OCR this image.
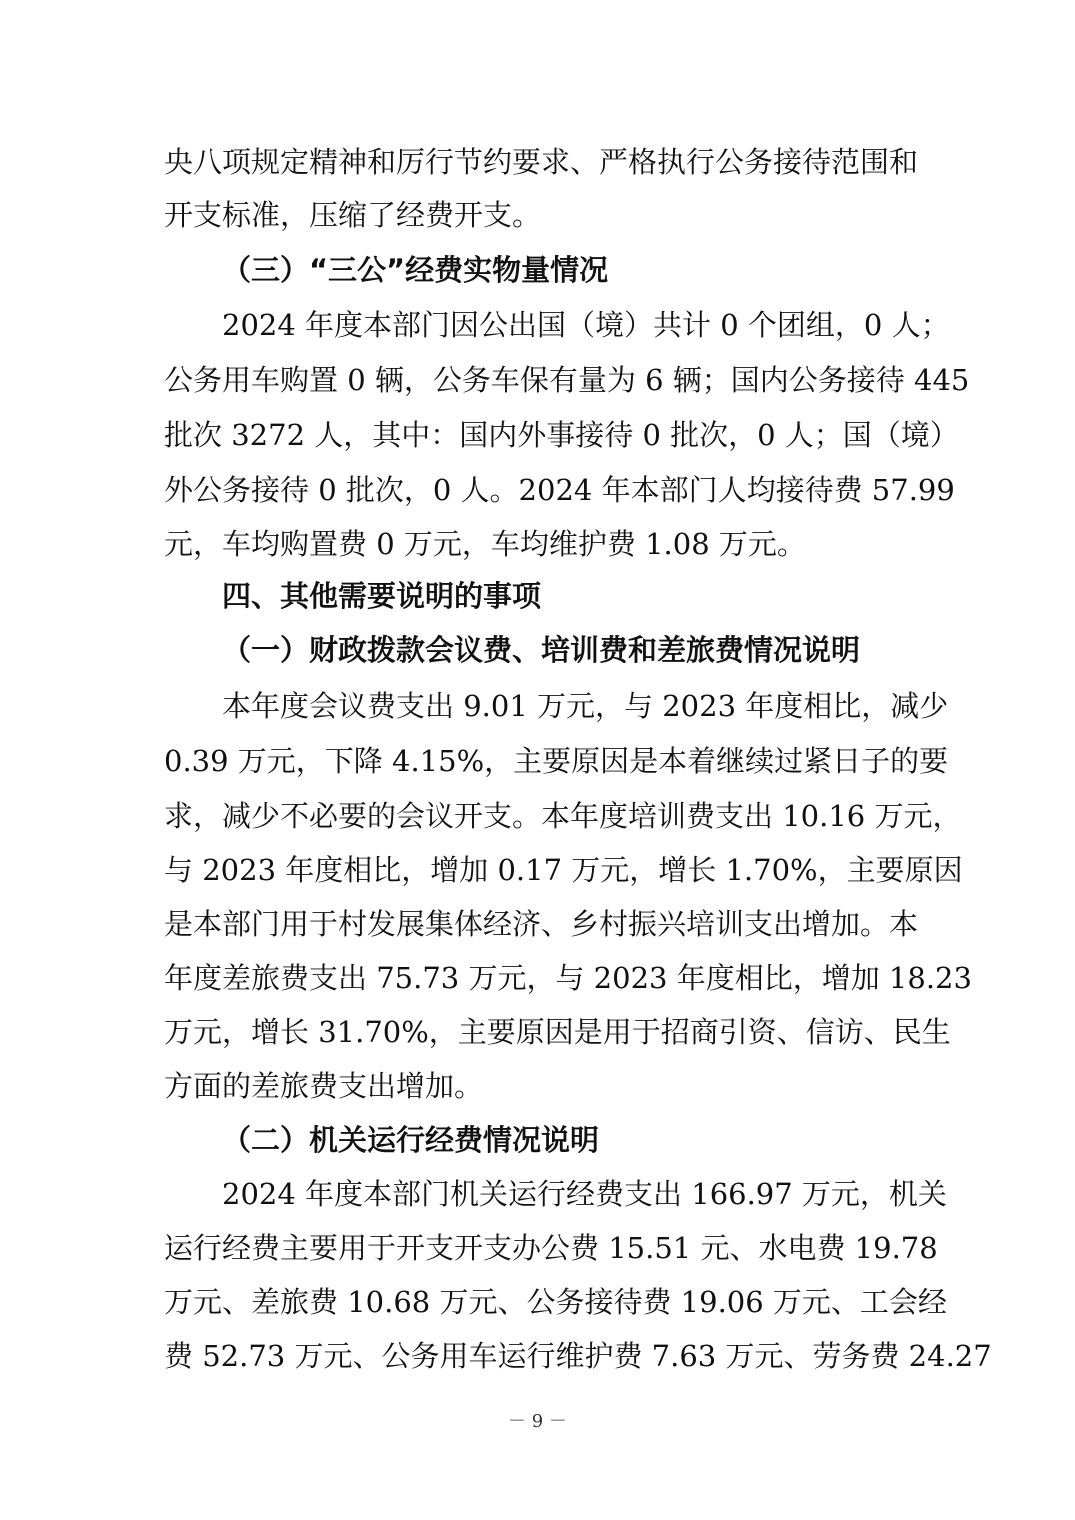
央八项规定精神和厉行节约要求、严格执行公务接待范围和
开支标准，压缩了经费开支。
（三）“三公”经费实物量情况
2024 年度本部门因公出国（境）共计 0 个团组，0 人；
公务用车购置 0 辆，公务车保有量为 6 辆；国内公务接待 445
批次 3272 人，其中：国内外事接待 0 批次，0 人；国（境）
外公务接待 0 批次，0 人。2024 年本部门人均接待费 57.99
元，车均购置费 0 万元，车均维护费 1.08 万元。
四、其他需要说明的事项
（一）财政拨款会议费、培训费和差旅费情况说明
本年度会议费支出 9.01 万元，与 2023 年度相比，减少
0.39 万元，下降 4.15%，主要原因是本着继续过紧日子的要
求，减少不必要的会议开支。本年度培训费支出 10.16 万元，
与 2023 年度相比，增加 0.17 万元，增长 1.70%，主要原因
是本部门用于村发展集体经济、乡村振兴培训支出增加。本
年度差旅费支出 75.73 万元，与 2023 年度相比，增加 18.23
万元，增长 31.70%，主要原因是用于招商引资、信访、民生
方面的差旅费支出增加。
（二）机关运行经费情况说明
2024 年度本部门机关运行经费支出 166.97 万元，机关
运行经费主要用于开支开支办公费 15.51 元、水电费 19.78
万元、差旅费 10.68 万元、公务接待费 19.06 万元、工会经
费 52.73 万元、公务用车运行维护费 7.63 万元、劳务费 24.27
－ 9 －
